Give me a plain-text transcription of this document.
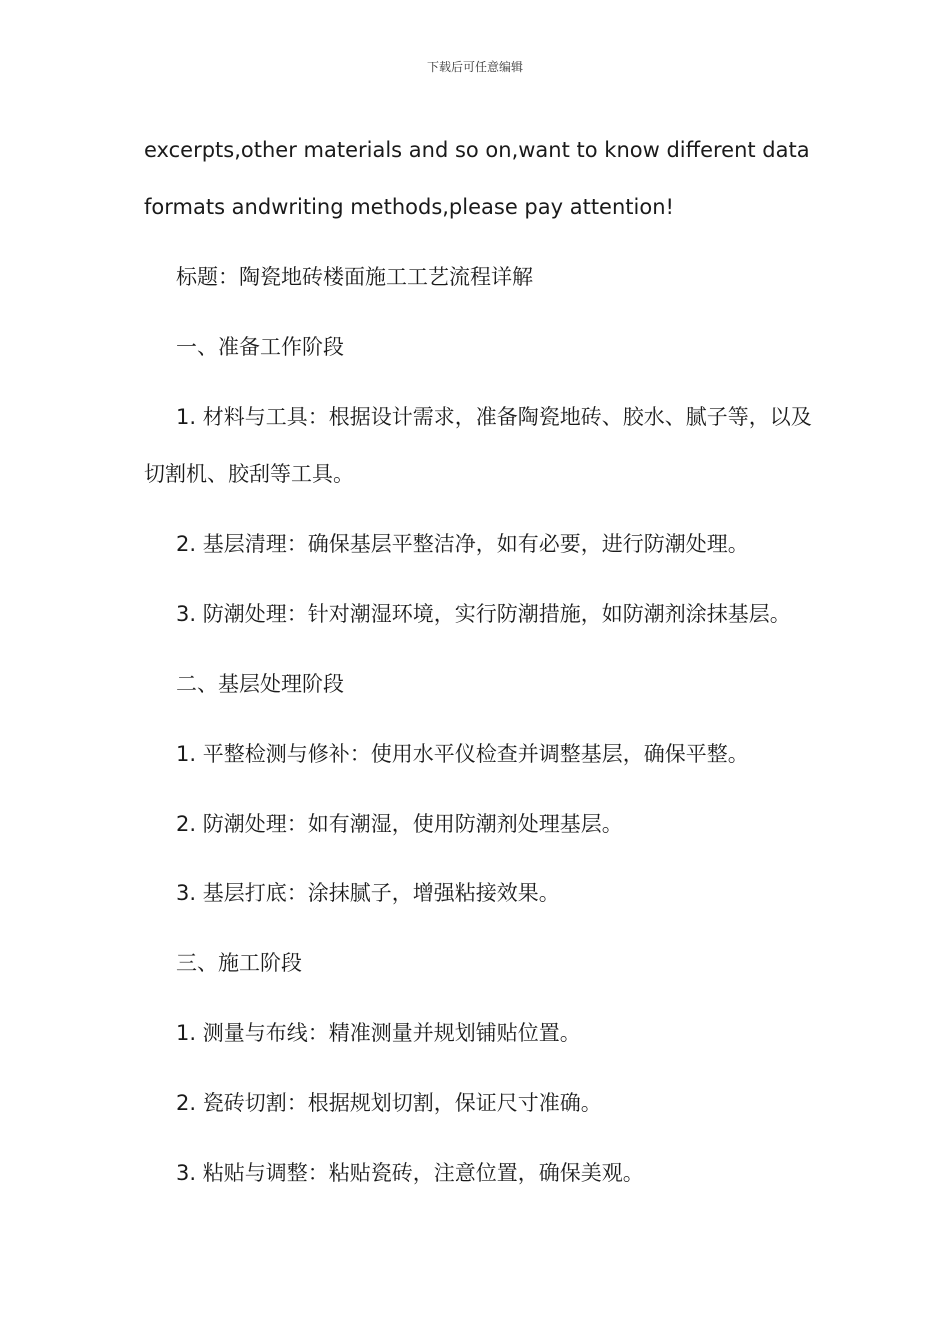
下载后可任意编辑
excerpts,other materials and so on,want to know different data
formats andwriting methods,please pay attention!
标题：陶瓷地砖楼面施工工艺流程详解
一、准备工作阶段
1. 材料与工具：根据设计需求，准备陶瓷地砖、胶水、腻子等，以及
切割机、胶刮等工具。
2. 基层清理：确保基层平整洁净，如有必要，进行防潮处理。
3. 防潮处理：针对潮湿环境，实行防潮措施，如防潮剂涂抹基层。
二、基层处理阶段
1. 平整检测与修补：使用水平仪检查并调整基层，确保平整。
2. 防潮处理：如有潮湿，使用防潮剂处理基层。
3. 基层打底：涂抹腻子，增强粘接效果。
三、施工阶段
1. 测量与布线：精准测量并规划铺贴位置。
2. 瓷砖切割：根据规划切割，保证尺寸准确。
3. 粘贴与调整：粘贴瓷砖，注意位置，确保美观。
